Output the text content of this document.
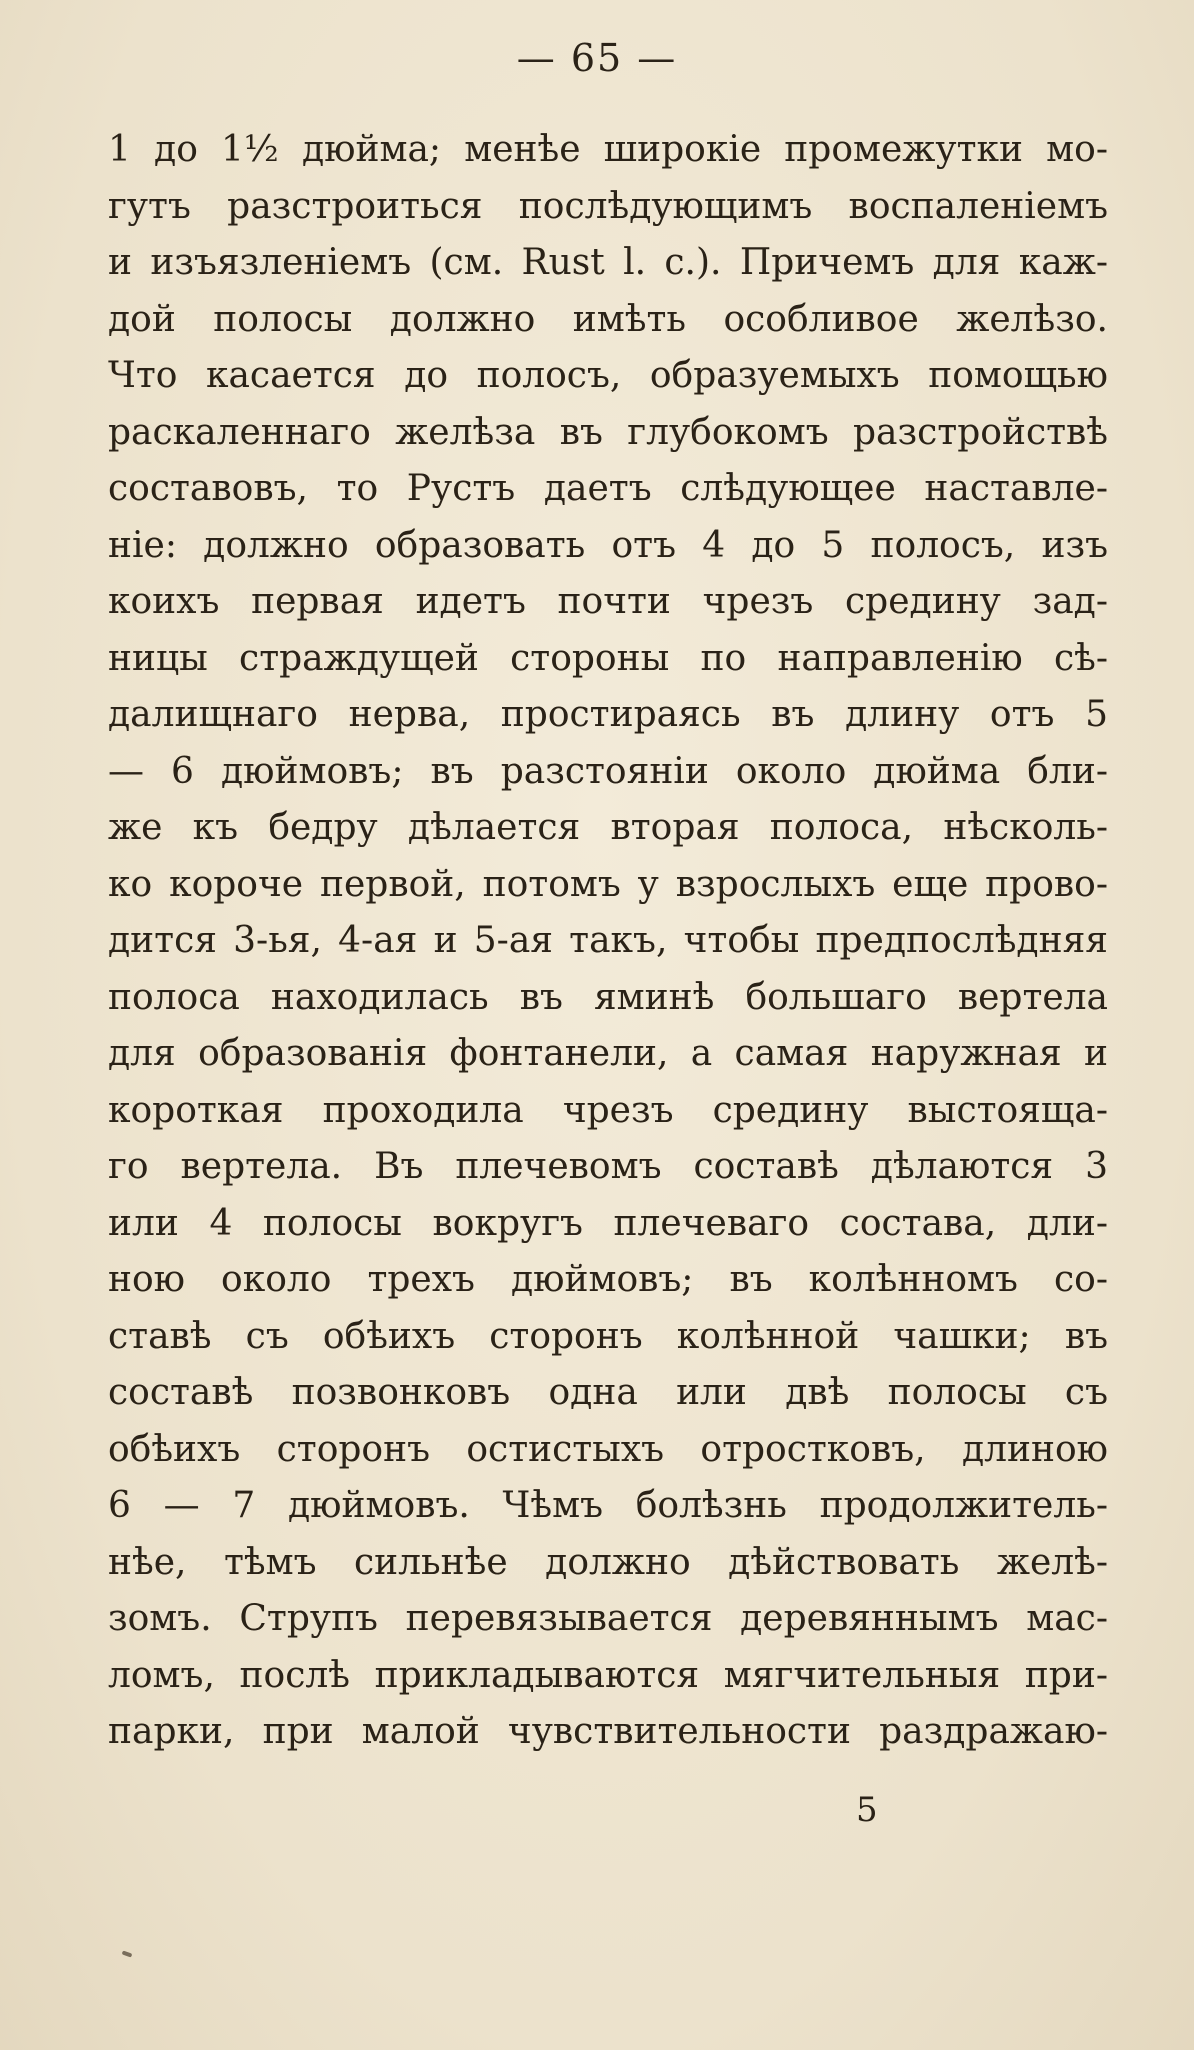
— 65 —
1 до 1½ дюйма; менѣе широкіе промежутки мо-
гутъ разстроиться послѣдующимъ воспаленіемъ
и изъязленіемъ (см. Rust l. c.). Причемъ для каж-
дой полосы должно имѣть особливое желѣзо.
Что касается до полосъ, образуемыхъ помощью
раскаленнаго желѣза въ глубокомъ разстройствѣ
составовъ, то Рустъ даетъ слѣдующее наставле-
ніе: должно образовать отъ 4 до 5 полосъ, изъ
коихъ первая идетъ почти чрезъ средину зад-
ницы страждущей стороны по направленію сѣ-
далищнаго нерва, простираясь въ длину отъ 5
— 6 дюймовъ; въ разстояніи около дюйма бли-
же къ бедру дѣлается вторая полоса, нѣсколь-
ко короче первой, потомъ у взрослыхъ еще прово-
дится 3-ья, 4-ая и 5-ая такъ, чтобы предпослѣдняя
полоса находилась въ яминѣ большаго вертела
для образованія фонтанели, а самая наружная и
короткая проходила чрезъ средину выстояща-
го вертела. Въ плечевомъ составѣ дѣлаются 3
или 4 полосы вокругъ плечеваго состава, дли-
ною около трехъ дюймовъ; въ колѣнномъ со-
ставѣ съ обѣихъ сторонъ колѣнной чашки; въ
составѣ позвонковъ одна или двѣ полосы съ
обѣихъ сторонъ остистыхъ отростковъ, длиною
6 — 7 дюймовъ. Чѣмъ болѣзнь продолжитель-
нѣе, тѣмъ сильнѣе должно дѣйствовать желѣ-
зомъ. Струпъ перевязывается деревяннымъ мас-
ломъ, послѣ прикладываются мягчительныя при-
парки, при малой чувствительности раздражаю-
5
